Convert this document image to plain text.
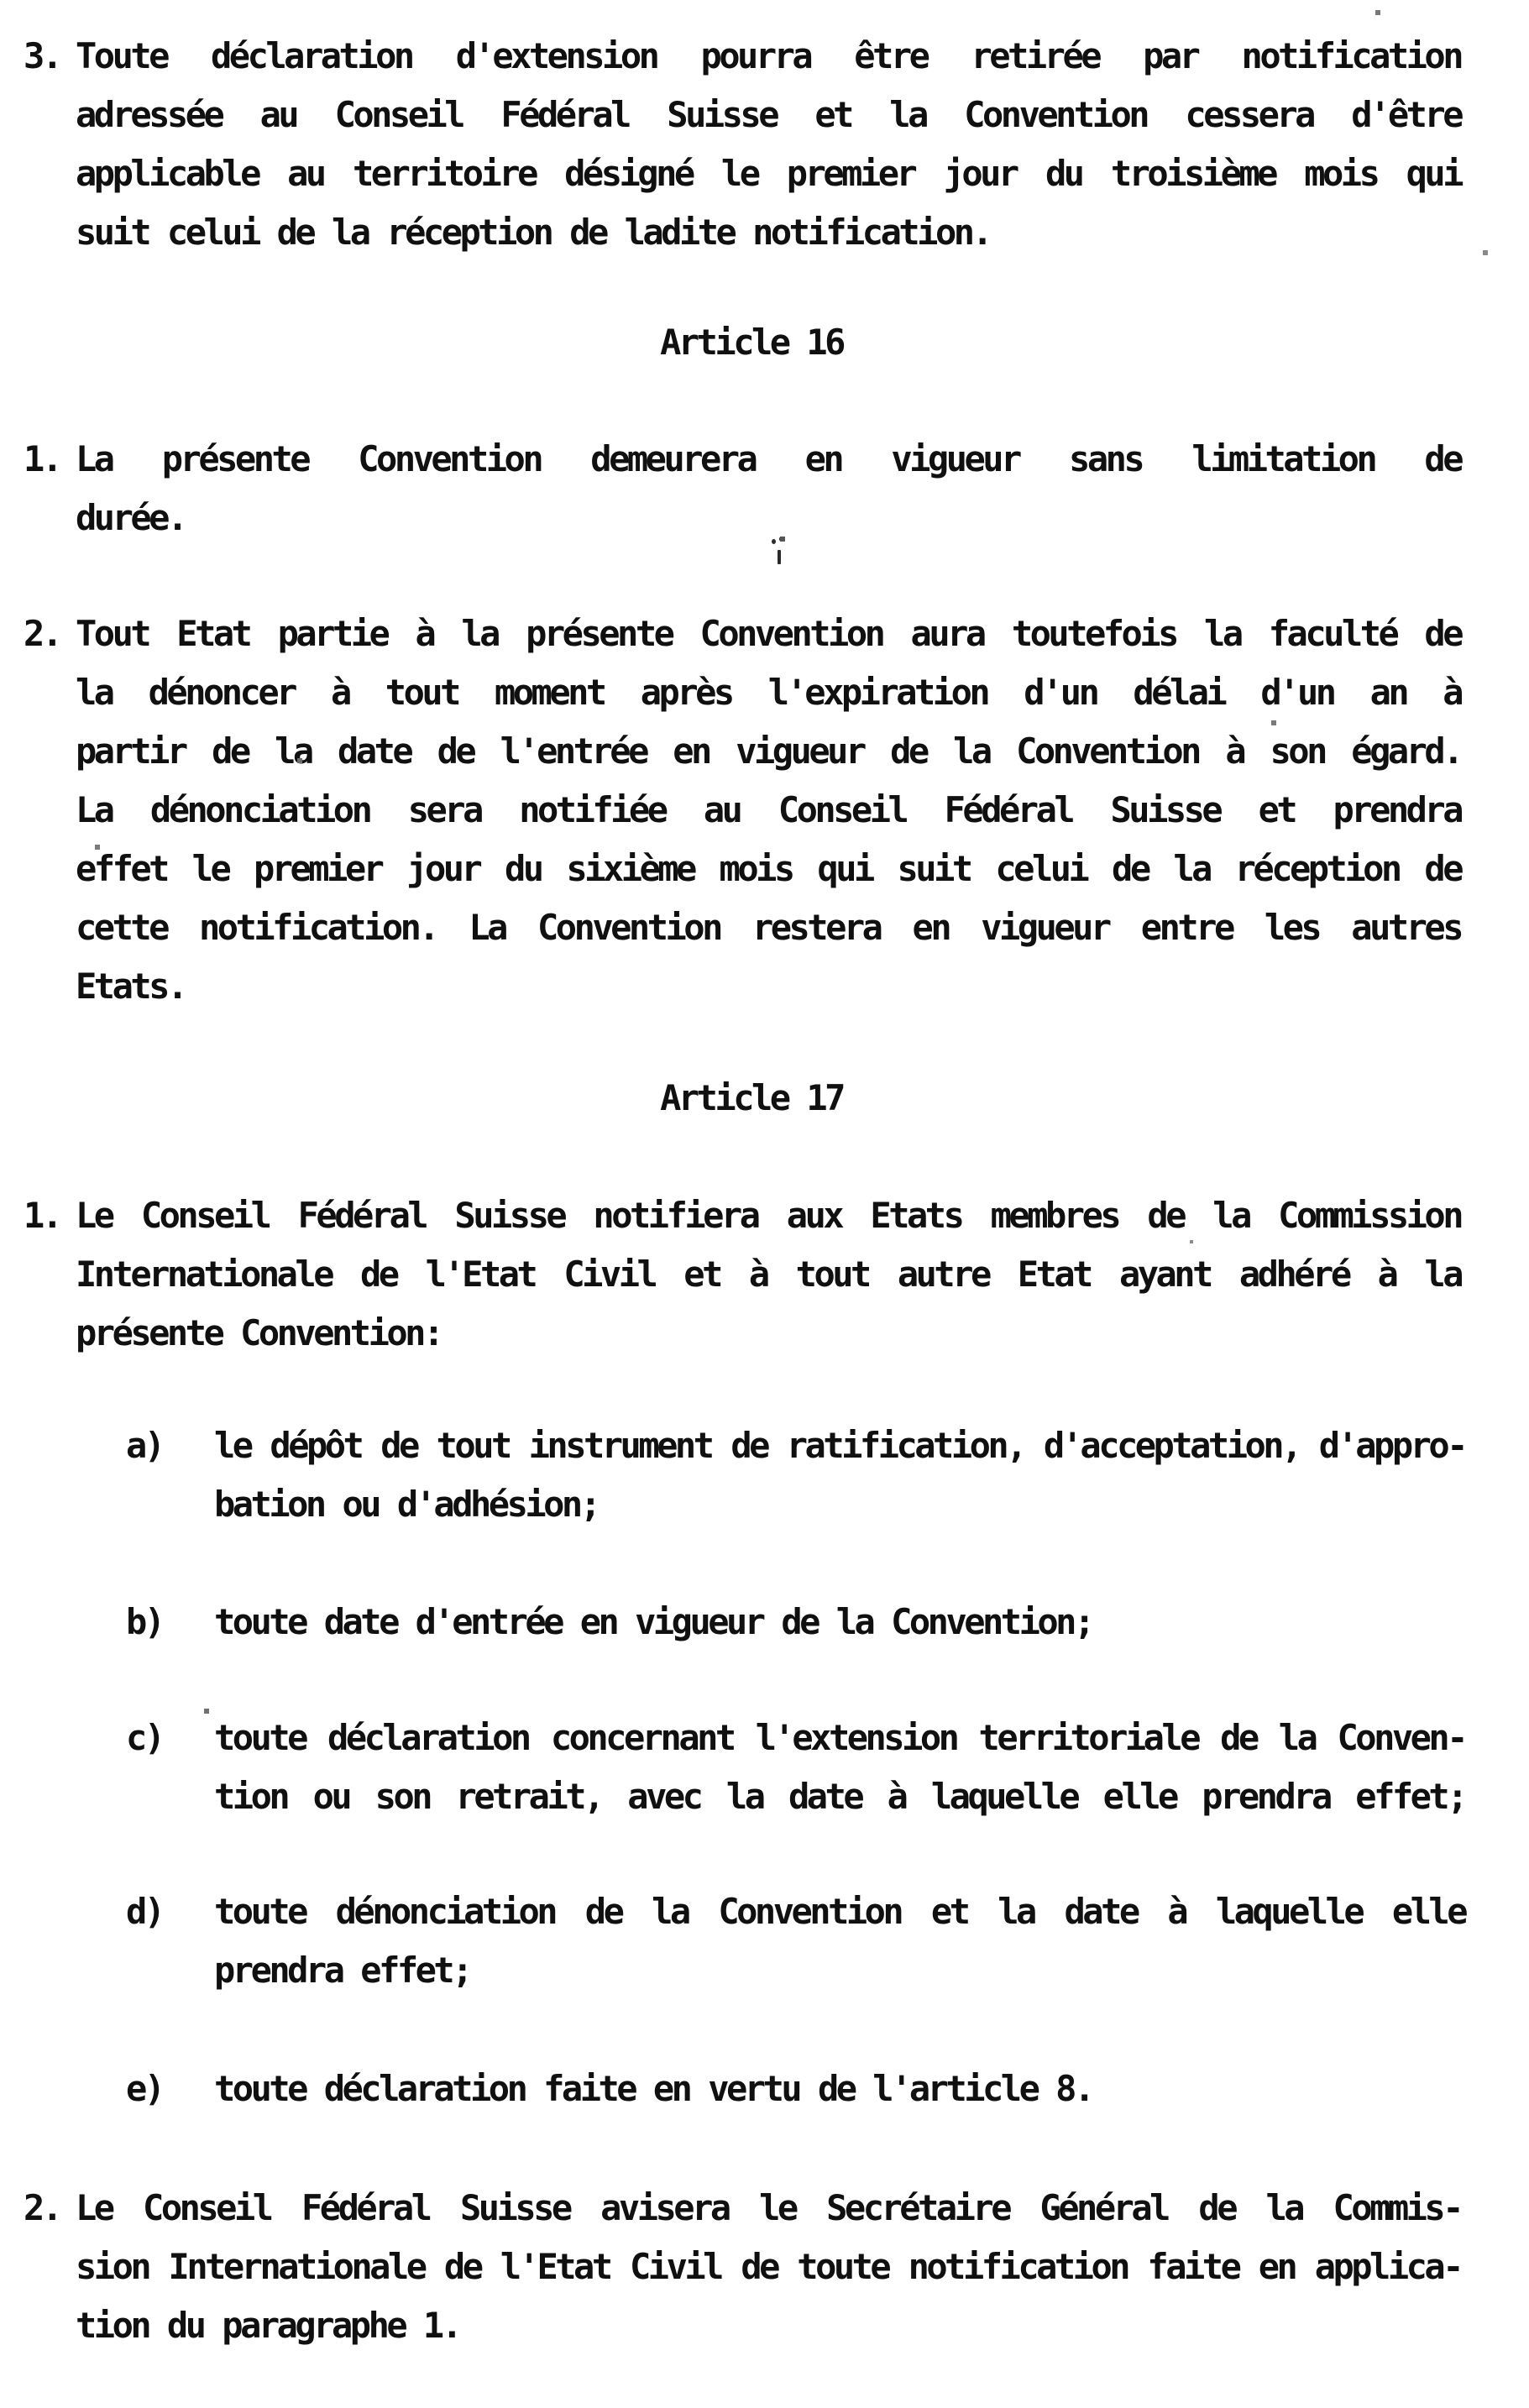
3. Toute déclaration d'extension pourra être retirée par notification
adressée au Conseil Fédéral Suisse et la Convention cessera d'être
applicable au territoire désigné le premier jour du troisième mois qui
suit celui de la réception de ladite notification.
Article 16
1. La présente Convention demeurera en vigueur sans limitation de
durée.
2. Tout Etat partie à la présente Convention aura toutefois la faculté de
la dénoncer à tout moment après l'expiration d'un délai d'un an à
partir de la date de l'entrée en vigueur de la Convention à son égard.
La dénonciation sera notifiée au Conseil Fédéral Suisse et prendra
effet le premier jour du sixième mois qui suit celui de la réception de
cette notification. La Convention restera en vigueur entre les autres
Etats.
Article 17
1. Le Conseil Fédéral Suisse notifiera aux Etats membres de la Commission
Internationale de l'Etat Civil et à tout autre Etat ayant adhéré à la
présente Convention:
a) le dépôt de tout instrument de ratification, d'acceptation, d'appro-
bation ou d'adhésion;
b) toute date d'entrée en vigueur de la Convention;
c) toute déclaration concernant l'extension territoriale de la Conven-
tion ou son retrait, avec la date à laquelle elle prendra effet;
d) toute dénonciation de la Convention et la date à laquelle elle
prendra effet;
e) toute déclaration faite en vertu de l'article 8.
2. Le Conseil Fédéral Suisse avisera le Secrétaire Général de la Commis-
sion Internationale de l'Etat Civil de toute notification faite en applica-
tion du paragraphe 1.
